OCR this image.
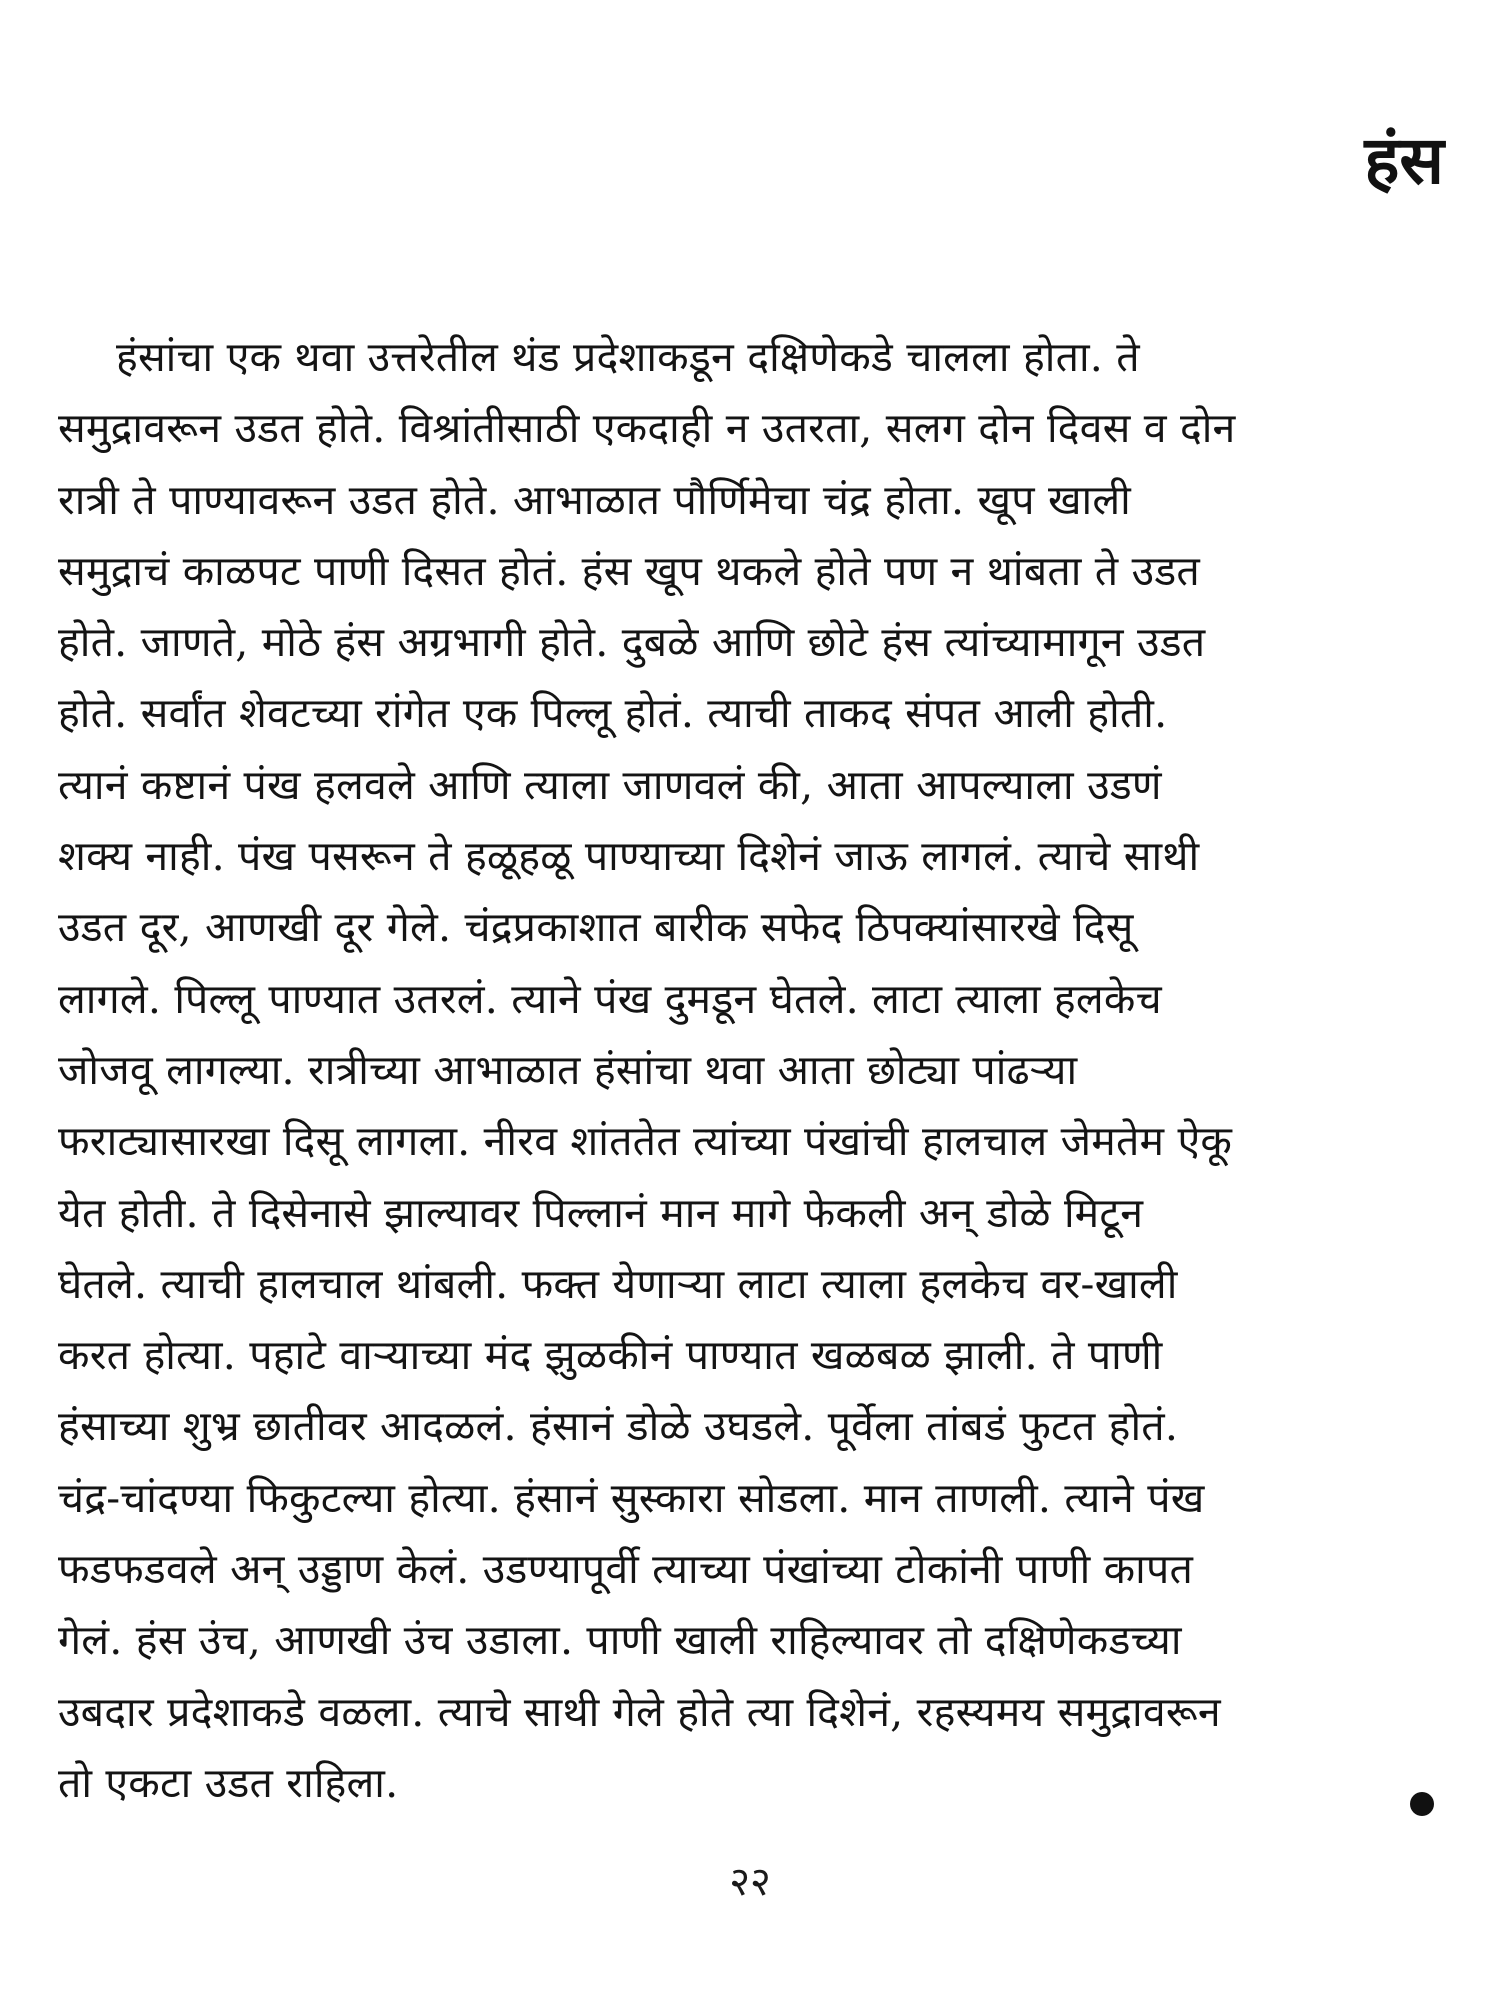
हंस
हंसांचा एक थवा उत्तरेतील थंड प्रदेशाकडून दक्षिणेकडे चालला होता. ते
समुद्रावरून उडत होते. विश्रांतीसाठी एकदाही न उतरता, सलग दोन दिवस व दोन
रात्री ते पाण्यावरून उडत होते. आभाळात पौर्णिमेचा चंद्र होता. खूप खाली
समुद्राचं काळपट पाणी दिसत होतं. हंस खूप थकले होते पण न थांबता ते उडत
होते. जाणते, मोठे हंस अग्रभागी होते. दुबळे आणि छोटे हंस त्यांच्यामागून उडत
होते. सर्वांत शेवटच्या रांगेत एक पिल्लू होतं. त्याची ताकद संपत आली होती.
त्यानं कष्टानं पंख हलवले आणि त्याला जाणवलं की, आता आपल्याला उडणं
शक्य नाही. पंख पसरून ते हळूहळू पाण्याच्या दिशेनं जाऊ लागलं. त्याचे साथी
उडत दूर, आणखी दूर गेले. चंद्रप्रकाशात बारीक सफेद ठिपक्यांसारखे दिसू
लागले. पिल्लू पाण्यात उतरलं. त्याने पंख दुमडून घेतले. लाटा त्याला हलकेच
जोजवू लागल्या. रात्रीच्या आभाळात हंसांचा थवा आता छोट्या पांढऱ्या
फराट्यासारखा दिसू लागला. नीरव शांततेत त्यांच्या पंखांची हालचाल जेमतेम ऐकू
येत होती. ते दिसेनासे झाल्यावर पिल्लानं मान मागे फेकली अन् डोळे मिटून
घेतले. त्याची हालचाल थांबली. फक्त येणाऱ्या लाटा त्याला हलकेच वर-खाली
करत होत्या. पहाटे वाऱ्याच्या मंद झुळकीनं पाण्यात खळबळ झाली. ते पाणी
हंसाच्या शुभ्र छातीवर आदळलं. हंसानं डोळे उघडले. पूर्वेला तांबडं फुटत होतं.
चंद्र-चांदण्या फिकुटल्या होत्या. हंसानं सुस्कारा सोडला. मान ताणली. त्याने पंख
फडफडवले अन् उड्डाण केलं. उडण्यापूर्वी त्याच्या पंखांच्या टोकांनी पाणी कापत
गेलं. हंस उंच, आणखी उंच उडाला. पाणी खाली राहिल्यावर तो दक्षिणेकडच्या
उबदार प्रदेशाकडे वळला. त्याचे साथी गेले होते त्या दिशेनं, रहस्यमय समुद्रावरून
तो एकटा उडत राहिला.
२२
